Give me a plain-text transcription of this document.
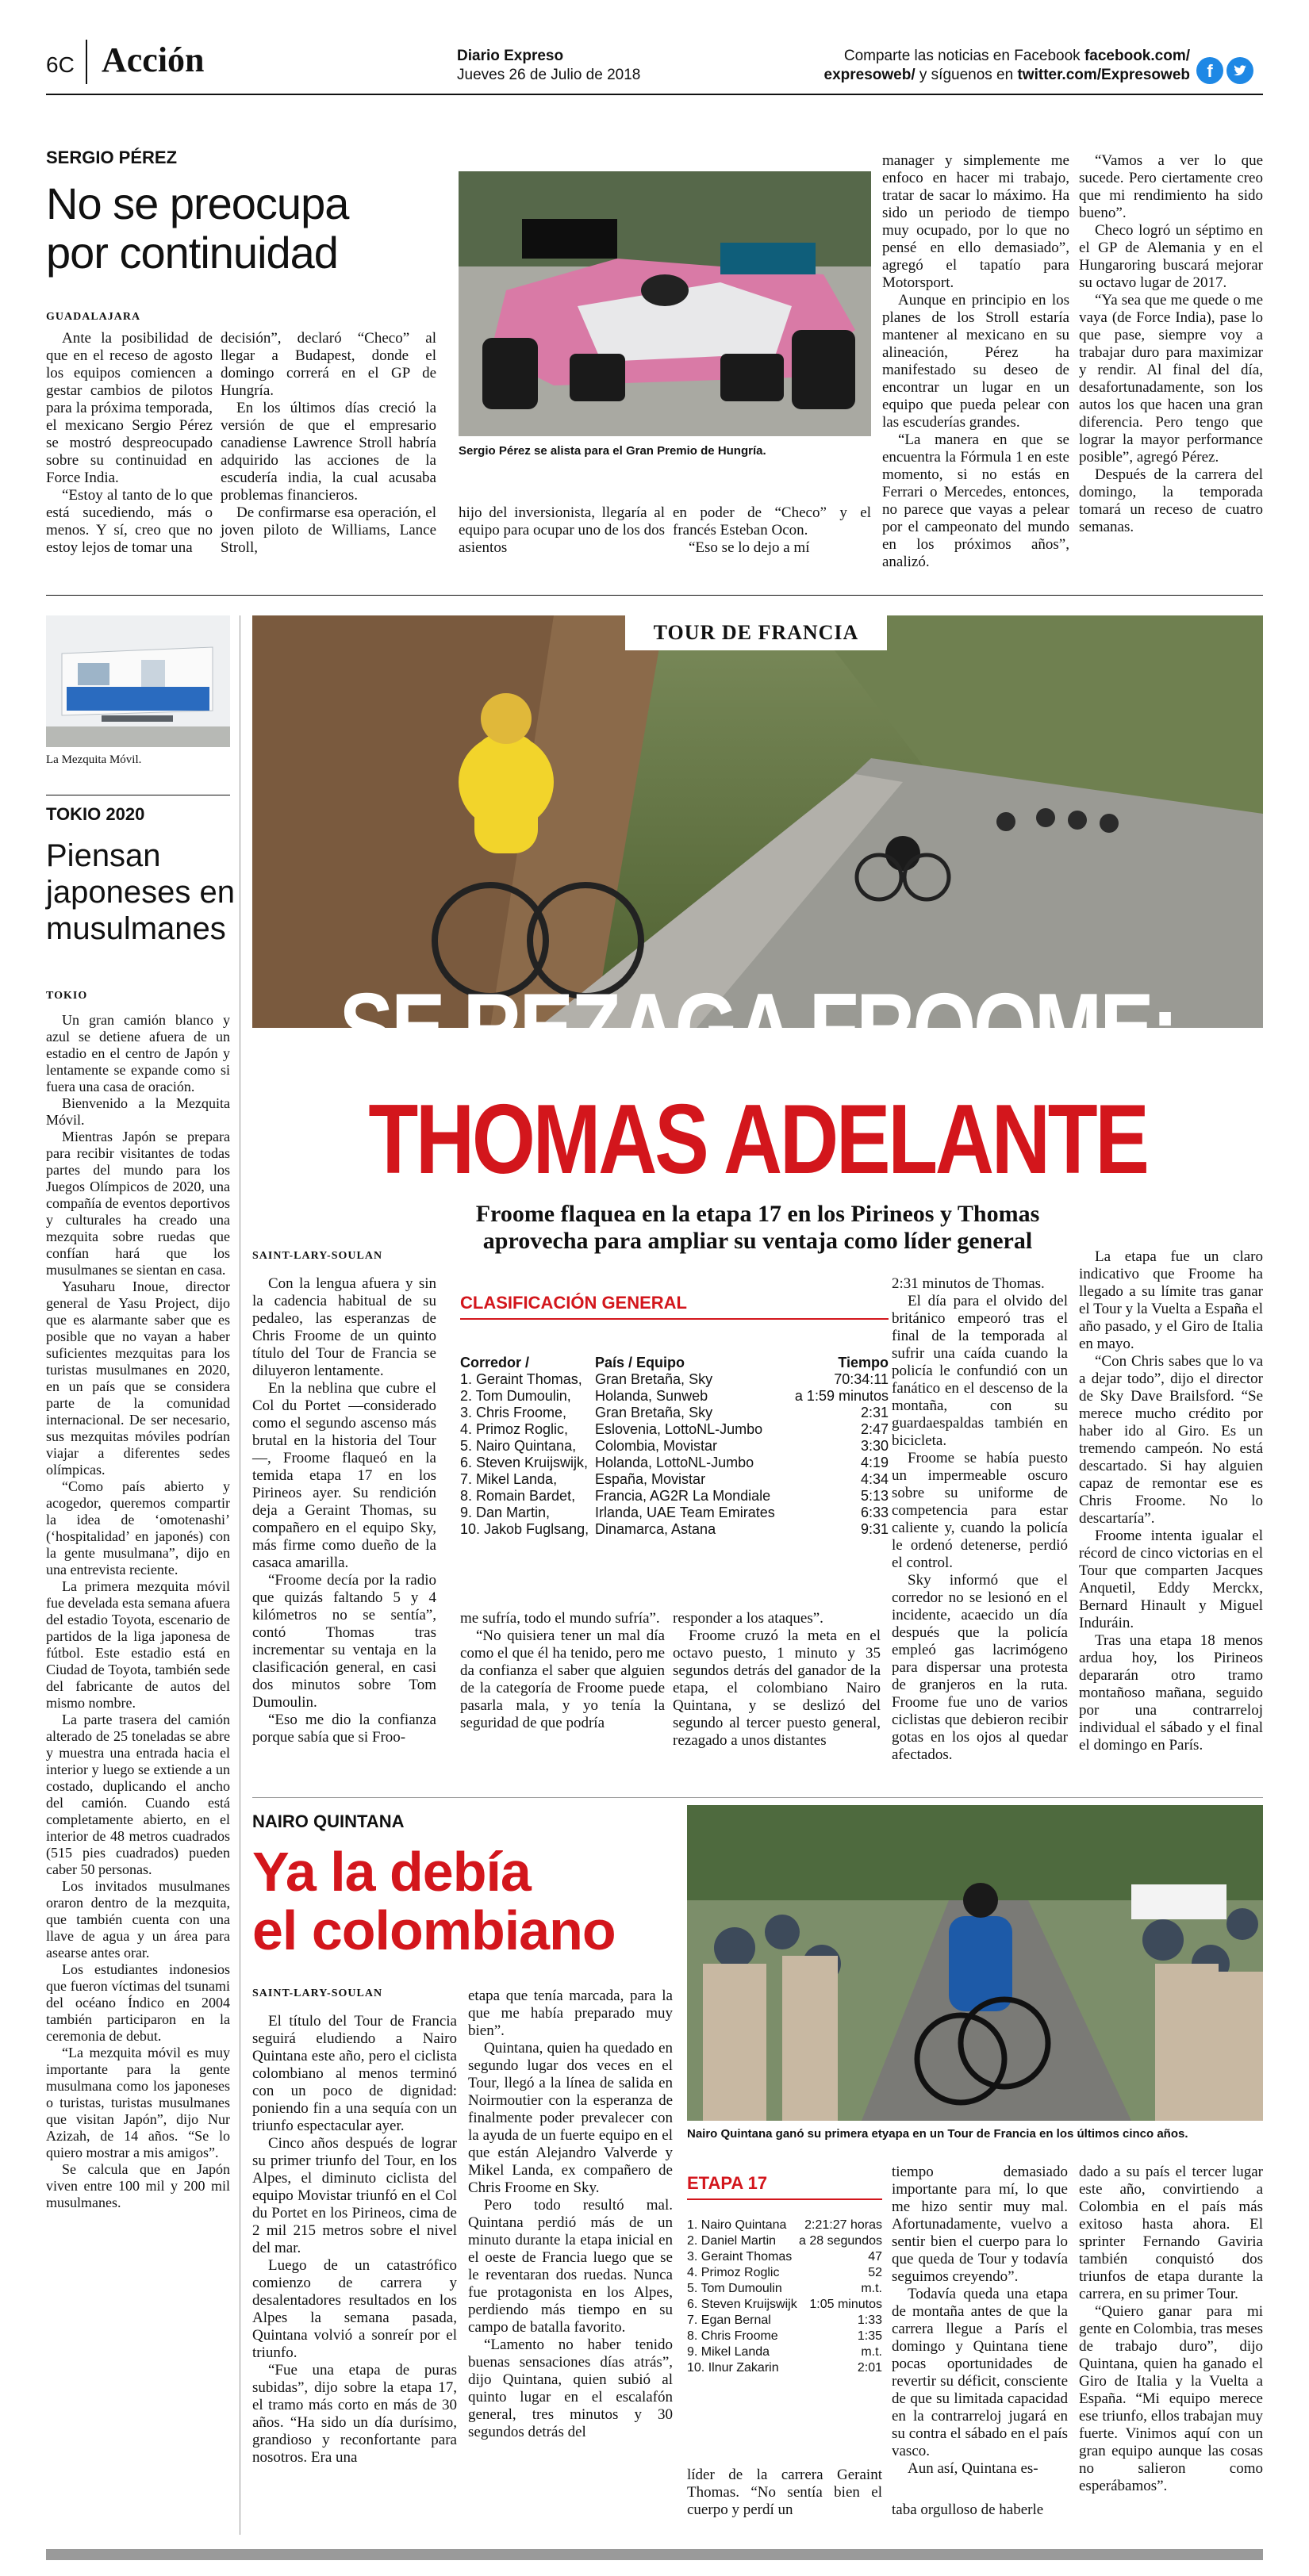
6C Acción	Diario Expreso
Jueves 26 de Julio de 2018
Comparte las noticias en Facebook facebook.com/
expresoweb/ y síguenos en twitter.com/Expresoweb f
SERGIO PÉREZ
No se preocupa por continuidad
GUADALAJARA

Ante la posibilidad de que en el receso de agosto los equipos comiencen a gestar cambios de pilotos para la próxima temporada, el mexicano Sergio Pérez se mostró despreocupado sobre su continuidad en Force India.

“Estoy al tanto de lo que está sucediendo, más o menos. Y sí, creo que no estoy lejos de tomar una

decisión”, declaró “Checo” al llegar a Budapest, donde el domingo correrá en el GP de Hungría.

En los últimos días creció la versión de que el empresario canadiense Lawrence Stroll habría adquirido las acciones de la escudería india, la cual acusaba problemas financieros.

De confirmarse esa operación, el joven piloto de Williams, Lance Stroll,

Sergio Pérez se alista para el Gran Premio de Hungría.

hijo del inversionista, llegaría al equipo para ocupar uno de los dos asientos

en poder de “Checo” y el francés Esteban Ocon.

“Eso se lo dejo a mí

manager y simplemente me enfoco en hacer mi trabajo, tratar de sacar lo máximo. Ha sido un periodo de tiempo muy ocupado, por lo que no pensé en ello demasiado”, agregó el tapatío para Motorsport.

Aunque en principio en los planes de los Stroll estaría mantener al mexicano en su alineación, Pérez ha manifestado su deseo de encontrar un lugar en un equipo que pueda pelear con las escuderías grandes.

“La manera en que se encuentra la Fórmula 1 en este momento, si no estás en Ferrari o Mercedes, entonces, no parece que vayas a pelear por el campeonato del mundo en los próximos años”, analizó.

“Vamos a ver lo que sucede. Pero ciertamente creo que mi rendimiento ha sido bueno”.

Checo logró un séptimo en el GP de Alemania y en el Hungaroring buscará mejorar su octavo lugar de 2017.

“Ya sea que me quede o me vaya (de Force India), pase lo que pase, siempre voy a trabajar duro para maximizar y rendir. Al final del día, desafortunadamente, son los autos los que hacen una gran diferencia. Pero tengo que lograr la mayor performance posible”, agregó Pérez.

Después de la carrera del domingo, la temporada tomará un receso de cuatro semanas.

La Mezquita Móvil.
TOKIO 2020
Piensan japoneses en musulmanes
TOKIO

Un gran camión blanco y azul se detiene afuera de un estadio en el centro de Japón y lentamente se expande como si fuera una casa de oración.

Bienvenido a la Mezquita Móvil.

Mientras Japón se prepara para recibir visitantes de todas partes del mundo para los Juegos Olímpicos de 2020, una compañía de eventos deportivos y culturales ha creado una mezquita sobre ruedas que confían hará que los musulmanes se sientan en casa.

Yasuharu Inoue, director general de Yasu Project, dijo que es alarmante saber que es posible que no vayan a haber suficientes mezquitas para los turistas musulmanes en 2020, en un país que se considera parte de la comunidad internacional. De ser necesario, sus mezquitas móviles podrían viajar a diferentes sedes olímpicas.

“Como país abierto y acogedor, queremos compartir la idea de ‘omotenashi’ (‘hospitalidad’ en japonés) con la gente musulmana”, dijo en una entrevista reciente.

La primera mezquita móvil fue develada esta semana afuera del estadio Toyota, escenario de partidos de la liga japonesa de fútbol. Este estadio está en Ciudad de Toyota, también sede del fabricante de autos del mismo nombre.

La parte trasera del camión alterado de 25 toneladas se abre y muestra una entrada hacia el interior y luego se extiende a un costado, duplicando el ancho del camión. Cuando está completamente abierto, en el interior de 48 metros cuadrados (515 pies cuadrados) pueden caber 50 personas.

Los invitados musulmanes oraron dentro de la mezquita, que también cuenta con una llave de agua y un área para asearse antes orar.

Los estudiantes indonesios que fueron víctimas del tsunami del océano Índico en 2004 también participaron en la ceremonia de debut.

“La mezquita móvil es muy importante para la gente musulmana como los japoneses o turistas, turistas musulmanes que visitan Japón”, dijo Nur Azizah, de 14 años. “Se lo quiero mostrar a mis amigos”.

Se calcula que en Japón viven entre 100 mil y 200 mil musulmanes.

TOUR DE FRANCIA
SE REZAGA FROOME;
THOMAS ADELANTE
Froome flaquea en la etapa 17 en los Pirineos y Thomas
aprovecha para ampliar su ventaja como líder general
SAINT-LARY-SOULAN

Con la lengua afuera y sin la cadencia habitual de su pedaleo, las esperanzas de Chris Froome de un quinto título del Tour de Francia se diluyeron lentamente.

En la neblina que cubre el Col du Portet —considerado como el segundo ascenso más brutal en la historia del Tour—, Froome flaqueó en la temida etapa 17 en los Pirineos ayer. Su rendición deja a Geraint Thomas, su compañero en el equipo Sky, más firme como dueño de la casaca amarilla.

“Froome decía por la radio que quizás faltando 5 y 4 kilómetros no se sentía”, contó Thomas tras incrementar su ventaja en la clasificación general, en casi dos minutos sobre Tom Dumoulin.

“Eso me dio la confianza porque sabía que si Froo-

CLASIFICACIÓN GENERAL
Corredor /	País / Equipo	Tiempo
1. Geraint Thomas, Gran Bretaña, Sky	70:34:11
2. Tom Dumoulin,	Holanda, Sunweb	a 1:59 minutos
3. Chris Froome,	Gran Bretaña, Sky	2:31
4. Primoz Roglic,	Eslovenia, LottoNL-Jumbo	2:47
5. Nairo Quintana,	Colombia, Movistar	3:30
6. Steven Kruijswijk, Holanda, LottoNL-Jumbo	4:19
7. Mikel Landa,	España, Movistar	4:34
8. Romain Bardet,	Francia, AG2R La Mondiale	5:13
9. Dan Martin,	Irlanda, UAE Team Emirates	6:33
10. Jakob Fuglsang, Dinamarca, Astana	9:31

me sufría, todo el mundo sufría”.

“No quisiera tener un mal día como el que él ha tenido, pero me da confianza el saber que alguien de la categoría de Froome puede pasarla mala, y yo tenía la seguridad de que podría

responder a los ataques”.

Froome cruzó la meta en el octavo puesto, 1 minuto y 35 segundos detrás del ganador de la etapa, el colombiano Nairo Quintana, y se deslizó del segundo al tercer puesto general, rezagado a unos distantes

2:31 minutos de Thomas.

El día para el olvido del británico empeoró tras el final de la temporada al sufrir una caída cuando la policía le confundió con un fanático en el descenso de la montaña, con su guardaespaldas también en bicicleta.

Froome se había puesto un impermeable oscuro sobre su uniforme de competencia para estar caliente y, cuando la policía le ordenó detenerse, perdió el control.

Sky informó que el corredor no se lesionó en el incidente, acaecido un día después que la policía empleó gas lacrimógeno para dispersar una protesta de granjeros en la ruta. Froome fue uno de varios ciclistas que debieron recibir gotas en los ojos al quedar afectados.

La etapa fue un claro indicativo que Froome ha llegado a su límite tras ganar el Tour y la Vuelta a España el año pasado, y el Giro de Italia en mayo.

“Con Chris sabes que lo va a dejar todo”, dijo el director de Sky Dave Brailsford. “Se merece mucho crédito por haber ido al Giro. Es un tremendo campeón. No está descartado. Si hay alguien capaz de remontar ese es Chris Froome. No lo descartaría”.

Froome intenta igualar el récord de cinco victorias en el Tour que comparten Jacques Anquetil, Eddy Merckx, Bernard Hinault y Miguel Induráin.

Tras una etapa 18 menos ardua hoy, los Pirineos depararán otro tramo montañoso mañana, seguido por una contrarreloj individual el sábado y el final el domingo en París.

NAIRO QUINTANA
Ya la debía
el colombiano
SAINT-LARY-SOULAN

El título del Tour de Francia seguirá eludiendo a Nairo Quintana este año, pero el ciclista colombiano al menos terminó con un poco de dignidad: poniendo fin a una sequía con un triunfo espectacular ayer.

Cinco años después de lograr su primer triunfo del Tour, en los Alpes, el diminuto ciclista del equipo Movistar triunfó en el Col du Portet en los Pirineos, cima de 2 mil 215 metros sobre el nivel del mar.

Luego de un catastrófico comienzo de carrera y desalentadores resultados en los Alpes la semana pasada, Quintana volvió a sonreír por el triunfo.

“Fue una etapa de puras subidas”, dijo sobre la etapa 17, el tramo más corto en más de 30 años. “Ha sido un día durísimo, grandioso y reconfortante para nosotros. Era una

etapa que tenía marcada, para la que me había preparado muy bien”.

Quintana, quien ha quedado en segundo lugar dos veces en el Tour, llegó a la línea de salida en Noirmoutier con la esperanza de finalmente poder prevalecer con la ayuda de un fuerte equipo en el que están Alejandro Valverde y Mikel Landa, ex compañero de Chris Froome en Sky.

Pero todo resultó mal. Quintana perdió más de un minuto durante la etapa inicial en el oeste de Francia luego que se le reventaran dos ruedas. Nunca fue protagonista en los Alpes, perdiendo más tiempo en su campo de batalla favorito.

“Lamento no haber tenido buenas sensaciones días atrás”, dijo Quintana, quien subió al quinto lugar en el escalafón general, tres minutos y 30 segundos detrás del

Nairo Quintana ganó su primera etyapa en un Tour de Francia en los últimos cinco años.
ETAPA 17
1. Nairo Quintana 2:21:27 horas
2. Daniel Martin a 28 segundos
3. Geraint Thomas	47
4. Primoz Roglic	52
5. Tom Dumoulin	m.t.
6. Steven Kruijswijk 1:05 minutos
7. Egan Bernal	1:33
8. Chris Froome	1:35
9. Mikel Landa	m.t.
10. Ilnur Zakarin	2:01

tiempo demasiado importante para mí, lo que me hizo sentir muy mal. Afortunadamente, vuelvo a sentir bien el cuerpo para lo que queda de Tour y todavía seguimos creyendo”.

Todavía queda una etapa de montaña antes de que la carrera llegue a París el domingo y Quintana tiene pocas oportunidades de revertir su déficit, consciente de que su limitada capacidad en la contrarreloj jugará en su contra el sábado en el país vasco.

Aun así, Quintana es-

líder de la carrera Geraint Thomas. “No sentía bien el cuerpo y perdí un	taba orgulloso de haberle

dado a su país el tercer lugar este año, convirtiendo a Colombia en el país más exitoso hasta ahora. El sprinter Fernando Gaviria también conquistó dos triunfos de etapa durante la carrera, en su primer Tour.

“Quiero ganar para mi gente en Colombia, tras meses de trabajo duro”, dijo Quintana, quien ha ganado el Giro de Italia y la Vuelta a España. “Mi equipo merece ese triunfo, ellos trabajan muy fuerte. Vinimos aquí con un gran equipo aunque las cosas no salieron como esperábamos”.
